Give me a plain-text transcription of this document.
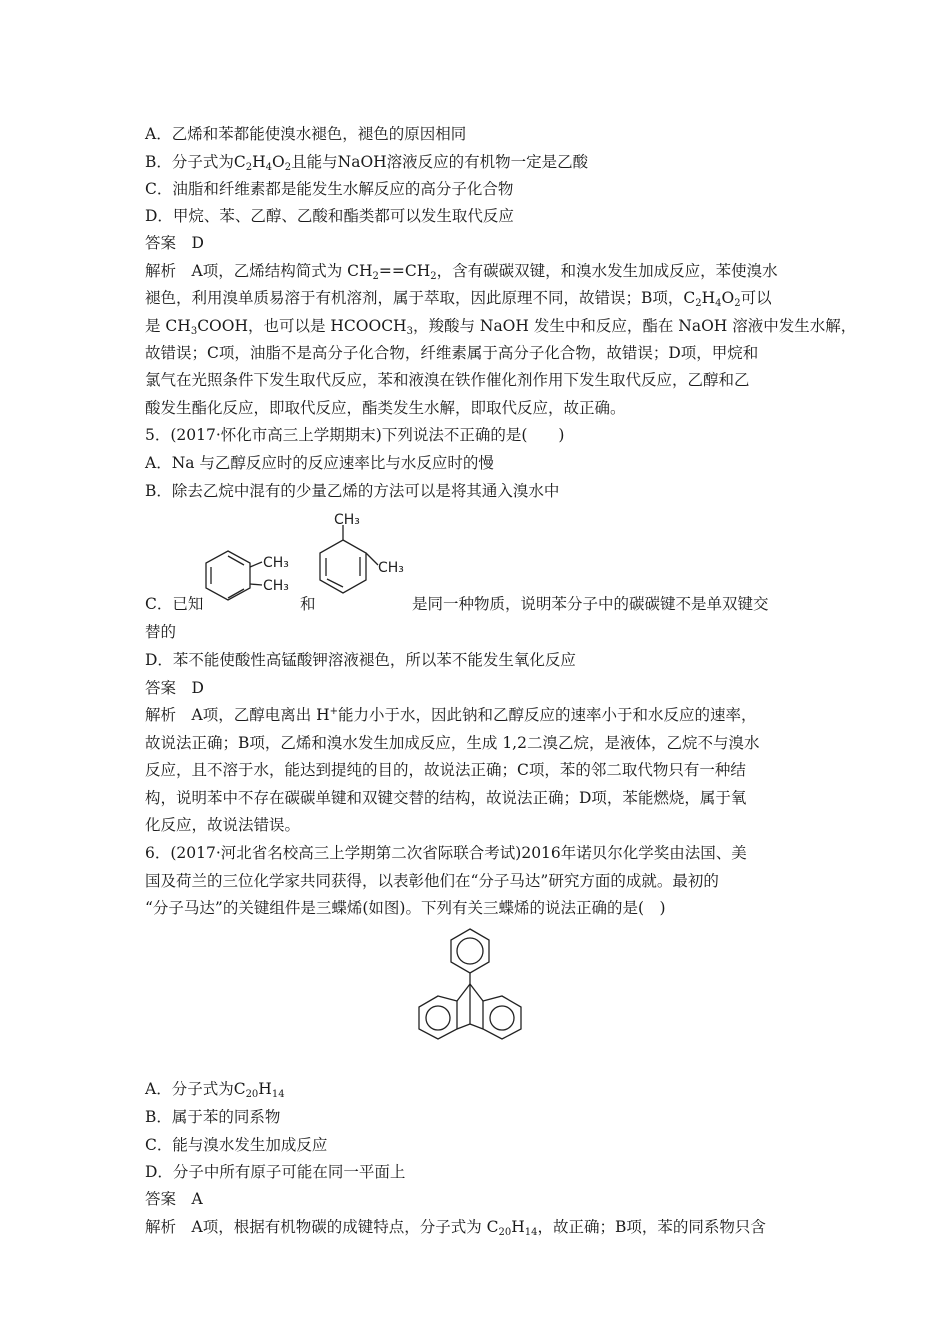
A．乙烯和苯都能使溴水褪色，褪色的原因相同
B．分子式为$C_2H_4O_2$且能与NaOH溶液反应的有机物一定是乙酸
C．油脂和纤维素都是能发生水解反应的高分子化合物
D．甲烷、苯、乙醇、乙酸和酯类都可以发生取代反应
答案　D
解析　A项，乙烯结构简式为 $CH_2==CH_2$，含有碳碳双键，和溴水发生加成反应，苯使溴水
褪色，利用溴单质易溶于有机溶剂，属于萃取，因此原理不同，故错误；B项，$C_2H_4O_2$可以
是 $CH_3COOH$，也可以是 $HCOOCH_3$，羧酸与 NaOH 发生中和反应，酯在 NaOH 溶液中发生水解，
故错误；C项，油脂不是高分子化合物，纤维素属于高分子化合物，故错误；D项，甲烷和
氯气在光照条件下发生取代反应，苯和液溴在铁作催化剂作用下发生取代反应，乙醇和乙
酸发生酯化反应，即取代反应，酯类发生水解，即取代反应，故正确。
5．(2017·怀化市高三上学期期末)下列说法不正确的是(　　)
A．Na 与乙醇反应时的反应速率比与水反应时的慢
B．除去乙烷中混有的少量乙烯的方法可以是将其通入溴水中
C．已知
CH₃
CH₃
和
CH₃
CH₃
是同一种物质，说明苯分子中的碳碳键不是单双键交
替的
D．苯不能使酸性高锰酸钾溶液褪色，所以苯不能发生氧化反应
答案　D
解析　A项，乙醇电离出 H+能力小于水，因此钠和乙醇反应的速率小于和水反应的速率，
故说法正确；B项，乙烯和溴水发生加成反应，生成 1,2二溴乙烷，是液体，乙烷不与溴水
反应，且不溶于水，能达到提纯的目的，故说法正确；C项，苯的邻二取代物只有一种结
构，说明苯中不存在碳碳单键和双键交替的结构，故说法正确；D项，苯能燃烧，属于氧
化反应，故说法错误。
6．(2017·河北省名校高三上学期第二次省际联合考试)2016年诺贝尔化学奖由法国、美
国及荷兰的三位化学家共同获得，以表彰他们在“分子马达”研究方面的成就。最初的
“分子马达”的关键组件是三蝶烯(如图)。下列有关三蝶烯的说法正确的是(　)
A．分子式为$C_{20}H_{14}$
B．属于苯的同系物
C．能与溴水发生加成反应
D．分子中所有原子可能在同一平面上
答案　A
解析　A项，根据有机物碳的成键特点，分子式为 $C_{20}H_{14}$，故正确；B项，苯的同系物只含
